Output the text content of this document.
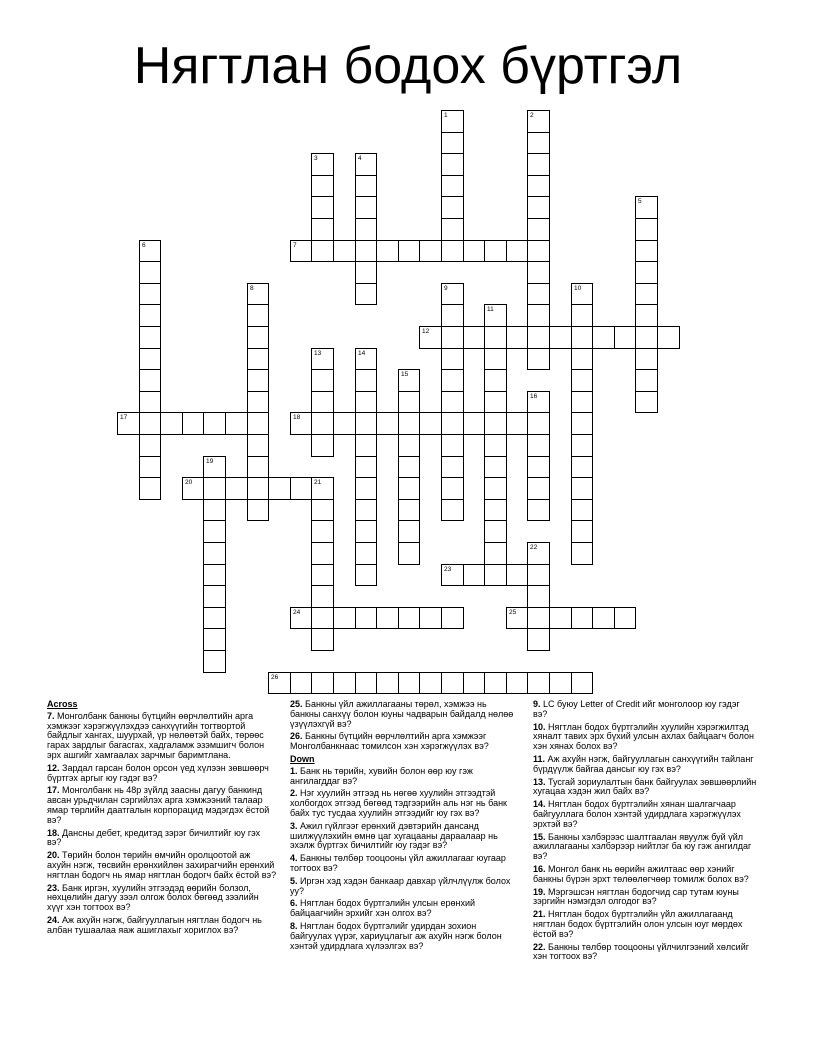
Нягтлан бодох бүртгэл
1	2
3	4
5
6	7
8	9	10
11
12
13	14
15
16
17	18
19
20	21
22
23
24	25
26
Across

7. Монголбанк банкны бүтцийн өөрчлөлтийн арга
хэмжээг хэрэгжүүлэхдээ санхүүгийн тогтвортой
байдлыг хангах, шуурхай, үр нөлөөтэй байх, төрөөс
гарах зардлыг багасгах, хадгаламж эзэмшигч болон
эрх ашгийг хамгаалах зарчмыг баримтлана.

12. Зардал гарсан болон орсон үед хүлээн зөвшөөрч
бүртгэх аргыг юу гэдэг вэ?

17. Монголбанк нь 48р зүйлд заасны дагуу банкинд
авсан урьдчилан сэргийлэх арга хэмжээний талаар
ямар төрлийн даатгалын корпорацид мэдэгдэх ёстой
вэ?

18. Дансны дебет, кредитэд зэрэг бичилтийг юу гэх
вэ?

20. Төрийн болон төрийн өмчийн оролцоотой аж
ахуйн нэгж, төсвийн ерөнхийлөн захирагчийн ерөнхий
нягтлан бодогч нь ямар нягтлан бодогч байх ёстой вэ?

23. Банк иргэн, хуулийн этгээдэд өөрийн болзол,
нөхцөлийн дагуу зээл олгож болох бөгөөд зээлийн
хүүг хэн тогтоох вэ?

24. Аж ахуйн нэгж, байгууллагын нягтлан бодогч нь
албан тушаалаа яаж ашиглахыг хориглох вэ?

25. Банкны үйл ажиллагааны төрөл, хэмжээ нь
банкны санхүү болон юуны чадварын байдалд нөлөө
үзүүлэхгүй вэ?

26. Банкны бүтцийн өөрчлөлтийн арга хэмжээг
Монголбанкнаас томилсон хэн хэрэгжүүлэх вэ?

Down

1. Банк нь төрийн, хувийн болон өөр юу гэж
ангилагддаг вэ?

2. Нэг хуулийн этгээд нь нөгөө хуулийн этгээдтэй
холбогдох этгээд бөгөөд тэдгээрийн аль нэг нь банк
байх тус тусдаа хуулийн этгээдийг юу гэх вэ?

3. Ажил гүйлгээг ерөнхий дэвтэрийн дансанд
шилжүүлэхийн өмнө цаг хугацааны дараалаар нь
эхэлж бүртгэх бичилтийг юу гэдэг вэ?

4. Банкны төлбөр тооцооны үйл ажиллагааг юугаар
тогтоох вэ?

5. Иргэн хэд хэдэн банкаар давхар үйлчлүүлж болох
уу?

6. Нягтлан бодох бүртгэлийн улсын ерөнхий
байцаагчийн эрхийг хэн олгох вэ?

8. Нягтлан бодох бүртгэлийг удирдан зохион
байгуулах үүрэг, хариуцлагыг аж ахуйн нэгж болон
хэнтэй удирдлага хүлээлгэх вэ?

9. LC буюу Letter of Credit ийг монголоор юу гэдэг
вэ?

10. Нягтлан бодох бүртгэлийн хуулийн хэрэгжилтэд
хяналт тавих эрх бүхий улсын ахлах байцаагч болон
хэн хянах болох вэ?

11. Аж ахуйн нэгж, байгууллагын санхүүгийн тайланг
бүрдүүлж байгаа дансыг юу гэх вэ?

13. Тусгай зориулалтын банк байгуулах зөвшөөрлийн
хугацаа хэдэн жил байх вэ?

14. Нягтлан бодох бүртгэлийн хянан шалгагчаар
байгууллага болон хэнтэй удирдлага хэрэгжүүлэх
эрхтэй вэ?

15. Банкны хэлбэрээс шалтгаалан явуулж буй үйл
ажиллагааны хэлбэрээр нийтлэг ба юу гэж ангилдаг
вэ?

16. Монгол банк нь өөрийн ажилтаас өөр хэнийг
банкны бүрэн эрхт төлөөлөгчөөр томилж болох вэ?

19. Мэргэшсэн нягтлан бодогчид сар тутам юуны
зэргийн нэмэгдэл олгодог вэ?

21. Нягтлан бодох бүртгэлийн үйл ажиллагаанд
нягтлан бодох бүртгэлийн олон улсын юуг мөрдөх
ёстой вэ?

22. Банкны төлбөр тооцооны үйлчилгээний хөлсийг
хэн тогтоох вэ?
